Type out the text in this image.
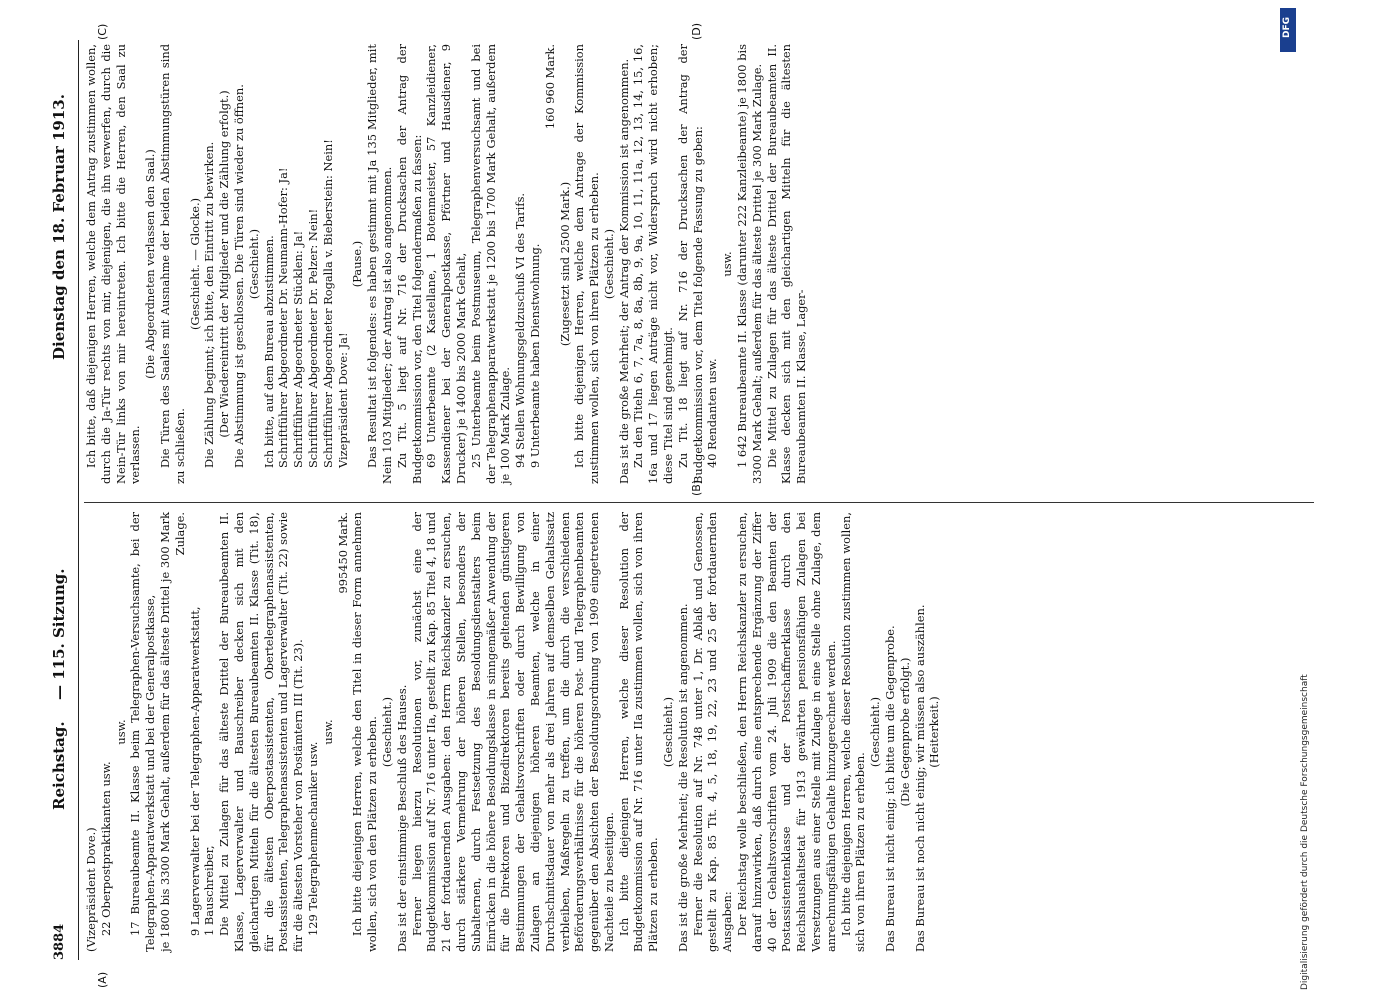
3884
Reichstag.
— 115. Sitzung.
Dienstag den 18. Februar 1913.
(A)
(B)
(C)	(D)

(Vizepräsident Dove.) 22 Oberpostpraktikanten usw.

usw. 17 Bureaubeamte II. Klasse beim Telegraphen-Versuchsamte, bei der Telegraphen-Apparatwerkstatt und bei der Generalpostkasse, je 1800 bis 3300 Mark Gehalt, außerdem für das älteste Drittel je 300 Mark Zulage.

9 Lagerverwalter bei der Telegraphen-Apparatwerkstatt, 1 Bauschreiber, Die Mittel zu Zulagen für das älteste Drittel der Bureaubeamten II. Klasse, Lagerverwalter und Bauschreiber decken sich mit den gleichartigen Mitteln für die ältesten Bureaubeamten II. Klasse (Tit. 18), für die ältesten Oberpostassistenten, Obertelegraphenassistenten, Postassistenten, Telegraphenassistenten und Lagerverwalter (Tit. 22) sowie für die ältesten Vorsteher von Postämtern III (Tit. 23). 129 Telegraphenmechaniker usw.

usw.

995450 Mark. Ich bitte diejenigen Herren, welche den Titel in dieser Form annehmen wollen, sich von den Plätzen zu erheben. (Geschieht.) Das ist der einstimmige Beschluß des Hauses. Ferner liegen hierzu Resolutionen vor, zunächst eine der Budgetkommission auf Nr. 716 unter IIa, gestellt zu Kap. 85 Titel 4, 18 und 21 der fortdauernden Ausgaben: den Herrn Reichskanzler zu ersuchen, durch stärkere Vermehrung der höheren Stellen, besonders der Subalternen, durch Festsetzung des Besoldungsdienstalters beim Einrücken in die höhere Besoldungsklasse in sinngemäßer Anwendung der für die Direktoren und Bizedirektoren bereits geltenden günstigeren Bestimmungen der Gehaltsvorschriften oder durch Bewilligung von Zulagen an diejenigen höheren Beamten, welche in einer Durchschnittsdauer von mehr als drei Jahren auf demselben Gehaltssatz verbleiben, Maßregeln zu treffen, um die durch die verschiedenen Beförderungsverhältnisse für die höheren Post- und Telegraphenbeamten gegenüber den Absichten der Besoldungsordnung von 1909 eingetretenen Nachteile zu beseitigen. Ich bitte diejenigen Herren, welche dieser Resolution der Budgetkommission auf Nr. 716 unter IIa zustimmen wollen, sich von ihren Plätzen zu erheben.

(Geschieht.) Das ist die große Mehrheit; die Resolution ist angenommen. Ferner die Resolution auf Nr. 748 unter 1, Dr. Ablaß und Genossen, gestellt zu Kap. 85 Tit. 4, 5, 18, 19, 22, 23 und 25 der fortdauernden Ausgaben: Der Reichstag wolle beschließen, den Herrn Reichskanzler zu ersuchen, darauf hinzuwirken, daß durch eine entsprechende Ergänzung der Ziffer 40 der Gehaltsvorschriften vom 24. Juli 1909 die den Beamten der Postassistentenklasse und der Postschaffnerklasse durch den Reichshaushaltsetat für 1913 gewährten pensionsfähigen Zulagen bei Versetzungen aus einer Stelle mit Zulage in eine Stelle ohne Zulage, dem anrechnungsfähigen Gehalte hinzugerechnet werden. Ich bitte diejenigen Herren, welche dieser Resolution zustimmen wollen, sich von ihren Plätzen zu erheben.

(Geschieht.) Das Bureau ist nicht einig; ich bitte um die Gegenprobe. (Die Gegenprobe erfolgt.) Das Bureau ist noch nicht einig; wir müssen also auszählen. (Heiterkeit.)

Ich bitte, daß diejenigen Herren, welche dem Antrag zustimmen wollen, durch die Ja-Tür rechts von mir, diejenigen, die ihn verwerfen, durch die Nein-Tür links von mir hereintreten. Ich bitte die Herren, den Saal zu verlassen.

(Die Abgeordneten verlassen den Saal.) Die Türen des Saales mit Ausnahme der beiden Abstimmungstüren sind zu schließen.

(Geschieht. — Glocke.) Die Zählung beginnt; ich bitte, den Eintritt zu bewirken. (Der Wiedereintritt der Mitglieder und die Zählung erfolgt.) Die Abstimmung ist geschlossen. Die Türen sind wieder zu öffnen. (Geschieht.) Ich bitte, auf dem Bureau abzustimmen. Schriftführer Abgeordneter Dr. Neumann-Hofer: Ja! Schriftführer Abgeordneter Stücklen: Ja! Schriftführer Abgeordneter Dr. Pelzer: Nein! Schriftführer Abgeordneter Rogalla v. Bieberstein: Nein! Vizepräsident Dove: Ja!

(Pause.) Das Resultat ist folgendes: es haben gestimmt mit Ja 135 Mitglieder, mit Nein 103 Mitglieder; der Antrag ist also angenommen. Zu Tit. 5 liegt auf Nr. 716 der Drucksachen der Antrag der Budgetkommission vor, den Titel folgendermaßen zu fassen: 69 Unterbeamte (2 Kastellane, 1 Botenmeister, 57 Kanzleidiener, Kassendiener bei der Generalpostkasse, Pförtner und Hausdiener, 9 Drucker) je 1400 bis 2000 Mark Gehalt, 25 Unterbeamte beim Postmuseum, Telegraphenversuchsamt und bei der Telegraphenapparatwerkstatt je 1200 bis 1700 Mark Gehalt, außerdem je 100 Mark Zulage. 94 Stellen Wohnungsgeldzuschuß VI des Tarifs. 9 Unterbeamte haben Dienstwohnung.

160 960 Mark.

(Zugesetzt sind 2500 Mark.) Ich bitte diejenigen Herren, welche dem Antrage der Kommission zustimmen wollen, sich von ihren Plätzen zu erheben. (Geschieht.) Das ist die große Mehrheit; der Antrag der Kommission ist angenommen. Zu den Titeln 6, 7, 7a, 8, 8a, 8b, 9, 9a, 10, 11, 11a, 12, 13, 14, 15, 16, 16a und 17 liegen Anträge nicht vor, Widerspruch wird nicht erhoben; diese Titel sind genehmigt. Zu Tit. 18 liegt auf Nr. 716 der Drucksachen der Antrag der Budgetkommission vor, dem Titel folgende Fassung zu geben: 40 Rendanten usw.

usw. 1 642 Bureaubeamte II. Klasse (darunter 222 Kanzleibeamte) je 1800 bis 3300 Mark Gehalt; außerdem für das älteste Drittel je 300 Mark Zulage. Die Mittel zu Zulagen für das älteste Drittel der Bureaubeamten II. Klasse decken sich mit den gleichartigen Mitteln für die ältesten Bureaubeamten II. Klasse, Lager-

DFG
Digitalisierung gefördert durch die Deutsche Forschungsgemeinschaft
